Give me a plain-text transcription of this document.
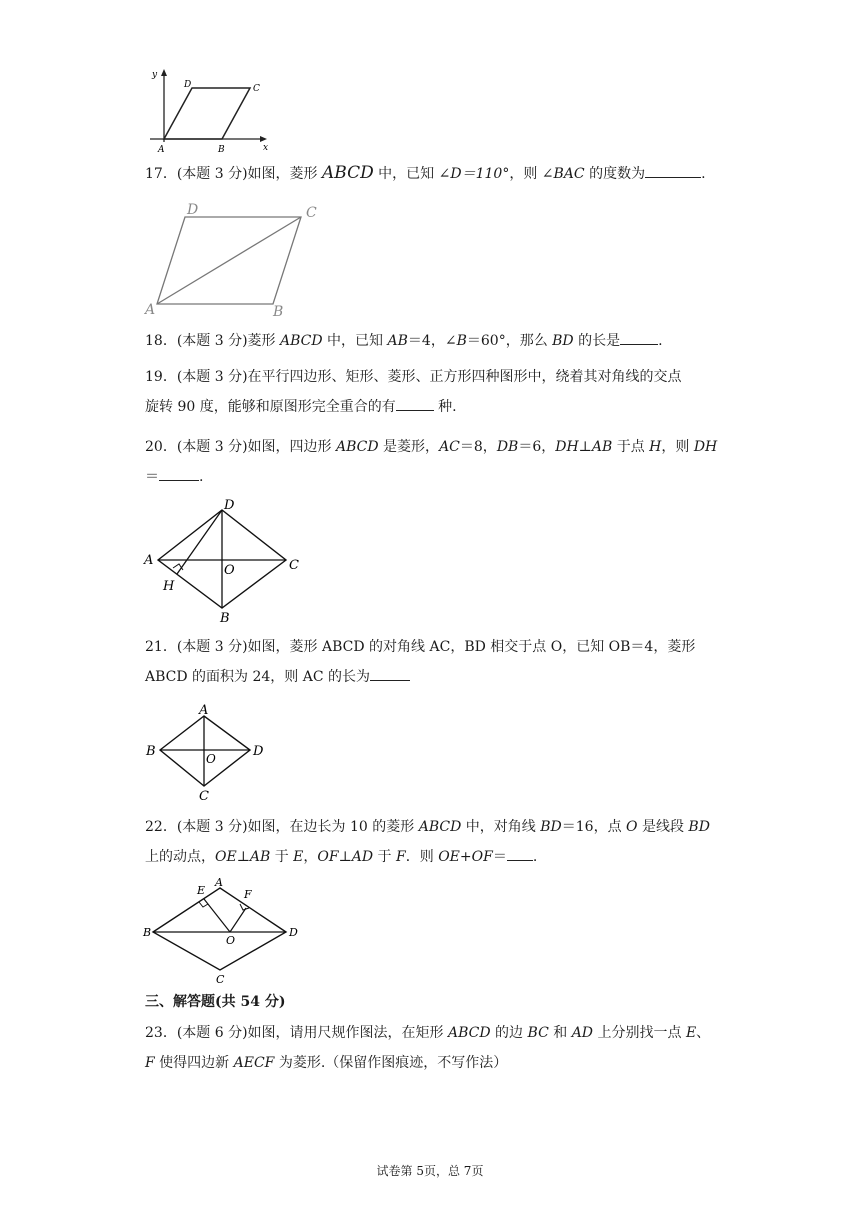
y
x
A	B
C
D

17．(本题 3 分)如图，菱形 ABCD 中，已知 ∠D＝110°，则 ∠BAC 的度数为	.

A	B
C
D

18．(本题 3 分)菱形 ABCD 中，已知 AB＝4，∠B＝60°，那么 BD 的长是	.

19．(本题 3 分)在平行四边形、矩形、菱形、正方形四种图形中，绕着其对角线的交点
旋转 90 度，能够和原图形完全重合的有	种.

20．(本题 3 分)如图，四边形 ABCD 是菱形，AC＝8，DB＝6，DH⊥AB 于点 H，则 DH
＝	.

A	C
D
B
H
O

21．(本题 3 分)如图，菱形 ABCD 的对角线 AC，BD 相交于点 O，已知 OB＝4，菱形
ABCD 的面积为 24，则 AC 的长为

A
B	D
C
O

22．(本题 3 分)如图，在边长为 10 的菱形 ABCD 中，对角线 BD＝16，点 O 是线段 BD
上的动点，OE⊥AB 于 E，OF⊥AD 于 F．则 OE+OF＝ .

A
B	D
C
E	F
O
三、解答题(共 54 分)

23．(本题 6 分)如图，请用尺规作图法，在矩形 ABCD 的边 BC 和 AD 上分别找一点 E、
F 使得四边新 AECF 为菱形.（保留作图痕迹，不写作法）

试卷第 5页，总 7页
